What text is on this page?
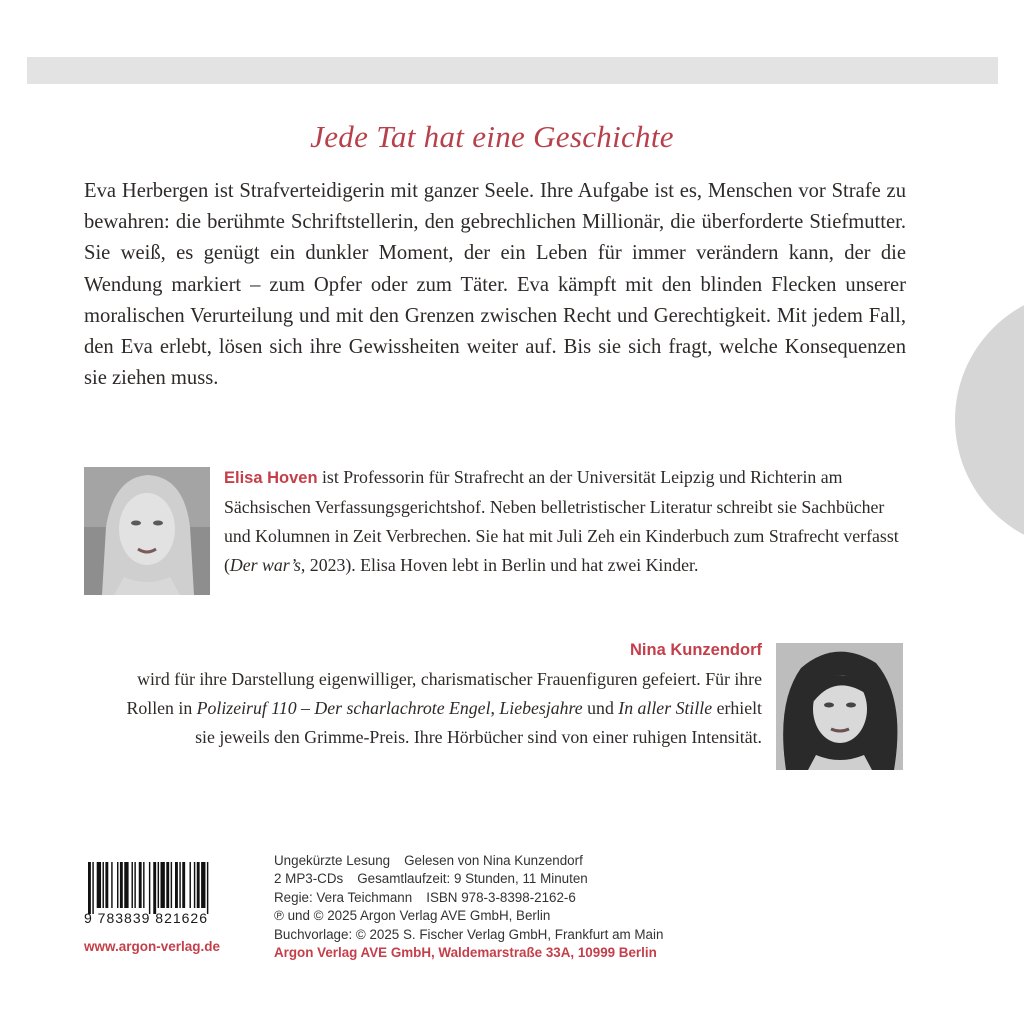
Jede Tat hat eine Geschichte

Eva Herbergen ist Strafverteidigerin mit ganzer Seele. Ihre Aufgabe ist es, Menschen vor Strafe zu bewahren: die berühmte Schriftstellerin, den gebrechlichen Millionär, die überforderte Stiefmutter. Sie weiß, es genügt ein dunkler Moment, der ein Leben für immer verändern kann, der die Wendung markiert – zum Opfer oder zum Täter. Eva kämpft mit den blinden Flecken unserer moralischen Verurteilung und mit den Grenzen zwischen Recht und Gerechtigkeit. Mit jedem Fall, den Eva erlebt, lösen sich ihre Gewissheiten weiter auf. Bis sie sich fragt, welche Konsequenzen sie ziehen muss.

Elisa Hoven ist Professorin für Strafrecht an der Universität Leipzig und Richterin am Sächsischen Verfassungsgerichtshof. Neben belletristischer Literatur schreibt sie Sachbücher und Kolumnen in Zeit Verbrechen. Sie hat mit Juli Zeh ein Kinderbuch zum Strafrecht verfasst (Der war’s, 2023). Elisa Hoven lebt in Berlin und hat zwei Kinder.

Nina Kunzendorf
wird für ihre Darstellung eigenwilliger, charismatischer Frauenfiguren gefeiert. Für ihre Rollen in Polizeiruf 110 – Der scharlachrote Engel, Liebesjahre und In aller Stille erhielt sie jeweils den Grimme-Preis. Ihre Hörbücher sind von einer ruhigen Intensität.

9 783839 821626
www.argon-verlag.de
Ungekürzte Lesung Gelesen von Nina Kunzendorf
2 MP3-CDs Gesamtlaufzeit: 9 Stunden, 11 Minuten
Regie: Vera Teichmann ISBN 978-3-8398-2162-6
℗ und © 2025 Argon Verlag AVE GmbH, Berlin
Buchvorlage: © 2025 S. Fischer Verlag GmbH, Frankfurt am Main
Argon Verlag AVE GmbH, Waldemarstraße 33A, 10999 Berlin
